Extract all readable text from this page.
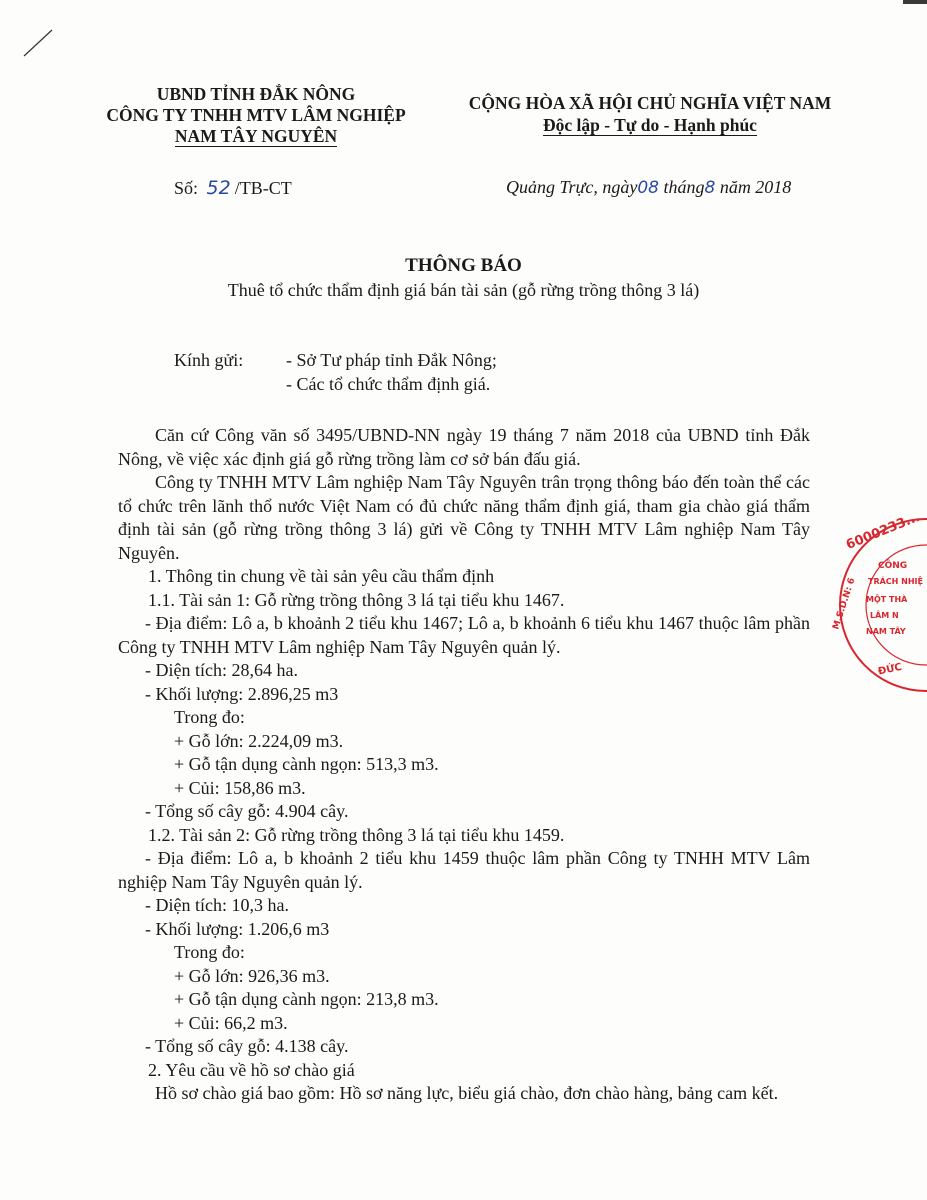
UBND TỈNH ĐẮK NÔNG
CÔNG TY TNHH MTV LÂM NGHIỆP
NAM TÂY NGUYÊN
CỘNG HÒA XÃ HỘI CHỦ NGHĨA VIỆT NAM
Độc lập - Tự do - Hạnh phúc
Số: 52 /TB-CT	Quảng Trực, ngày08 tháng8 năm 2018
THÔNG BÁO
Thuê tổ chức thẩm định giá bán tài sản (gỗ rừng trồng thông 3 lá)
Kính gửi: - Sở Tư pháp tỉnh Đắk Nông;
- Các tổ chức thẩm định giá.

Căn cứ Công văn số 3495/UBND-NN ngày 19 tháng 7 năm 2018 của UBND tỉnh Đắk Nông, về việc xác định giá gỗ rừng trồng làm cơ sở bán đấu giá.

Công ty TNHH MTV Lâm nghiệp Nam Tây Nguyên trân trọng thông báo đến toàn thể các tổ chức trên lãnh thổ nước Việt Nam có đủ chức năng thẩm định giá, tham gia chào giá thẩm định tài sản (gỗ rừng trồng thông 3 lá) gửi về Công ty TNHH MTV Lâm nghiệp Nam Tây Nguyên.

1. Thông tin chung về tài sản yêu cầu thẩm định

1.1. Tài sản 1: Gỗ rừng trồng thông 3 lá tại tiểu khu 1467.

- Địa điểm: Lô a, b khoảnh 2 tiểu khu 1467; Lô a, b khoảnh 6 tiểu khu 1467 thuộc lâm phần Công ty TNHH MTV Lâm nghiệp Nam Tây Nguyên quản lý.

- Diện tích: 28,64 ha.

- Khối lượng: 2.896,25 m3

Trong đo:

+ Gỗ lớn: 2.224,09 m3.

+ Gỗ tận dụng cành ngọn: 513,3 m3.

+ Củi: 158,86 m3.

- Tổng số cây gỗ: 4.904 cây.

1.2. Tài sản 2: Gỗ rừng trồng thông 3 lá tại tiểu khu 1459.

- Địa điểm: Lô a, b khoảnh 2 tiểu khu 1459 thuộc lâm phần Công ty TNHH MTV Lâm nghiệp Nam Tây Nguyên quản lý.

- Diện tích: 10,3 ha.

- Khối lượng: 1.206,6 m3

Trong đo:

+ Gỗ lớn: 926,36 m3.

+ Gỗ tận dụng cành ngọn: 213,8 m3.

+ Củi: 66,2 m3.

- Tổng số cây gỗ: 4.138 cây.

2. Yêu cầu về hồ sơ chào giá

Hồ sơ chào giá bao gồm: Hồ sơ năng lực, biểu giá chào, đơn chào hàng, bảng cam kết.

6000233...
CÔNG
TRÁCH NHIỆ
MỘT THÀ
LÂM N
NAM TÂY
ĐỨC
M.S.D.N: 6
